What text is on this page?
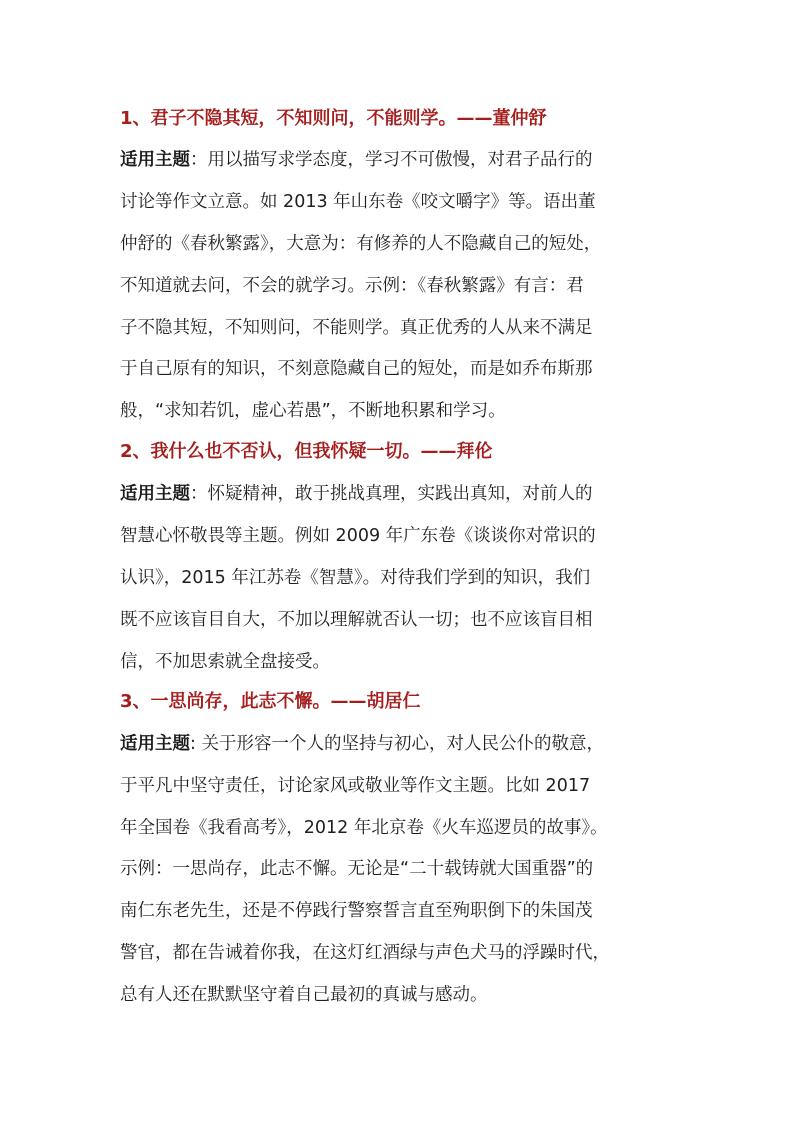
1、君子不隐其短，不知则问，不能则学。——董仲舒
适用主题：用以描写求学态度，学习不可傲慢，对君子品行的
讨论等作文立意。如 2013 年山东卷《咬文嚼字》等。语出董
仲舒的《春秋繁露》，大意为：有修养的人不隐藏自己的短处，
不知道就去问，不会的就学习。示例：《春秋繁露》有言：君
子不隐其短，不知则问，不能则学。真正优秀的人从来不满足
于自己原有的知识，不刻意隐藏自己的短处，而是如乔布斯那
般，“求知若饥，虚心若愚”，不断地积累和学习。
2、我什么也不否认，但我怀疑一切。——拜伦
适用主题：怀疑精神，敢于挑战真理，实践出真知，对前人的
智慧心怀敬畏等主题。例如 2009 年广东卷《谈谈你对常识的
认识》，2015 年江苏卷《智慧》。对待我们学到的知识，我们
既不应该盲目自大，不加以理解就否认一切；也不应该盲目相
信，不加思索就全盘接受。
3、一思尚存，此志不懈。——胡居仁
适用主题: 关于形容一个人的坚持与初心，对人民公仆的敬意，
于平凡中坚守责任，讨论家风或敬业等作文主题。比如 2017
年全国卷《我看高考》，2012 年北京卷《火车巡逻员的故事》。
示例：一思尚存，此志不懈。无论是“二十载铸就大国重器”的
南仁东老先生，还是不停践行警察誓言直至殉职倒下的朱国茂
警官，都在告诫着你我，在这灯红酒绿与声色犬马的浮躁时代，
总有人还在默默坚守着自己最初的真诚与感动。
